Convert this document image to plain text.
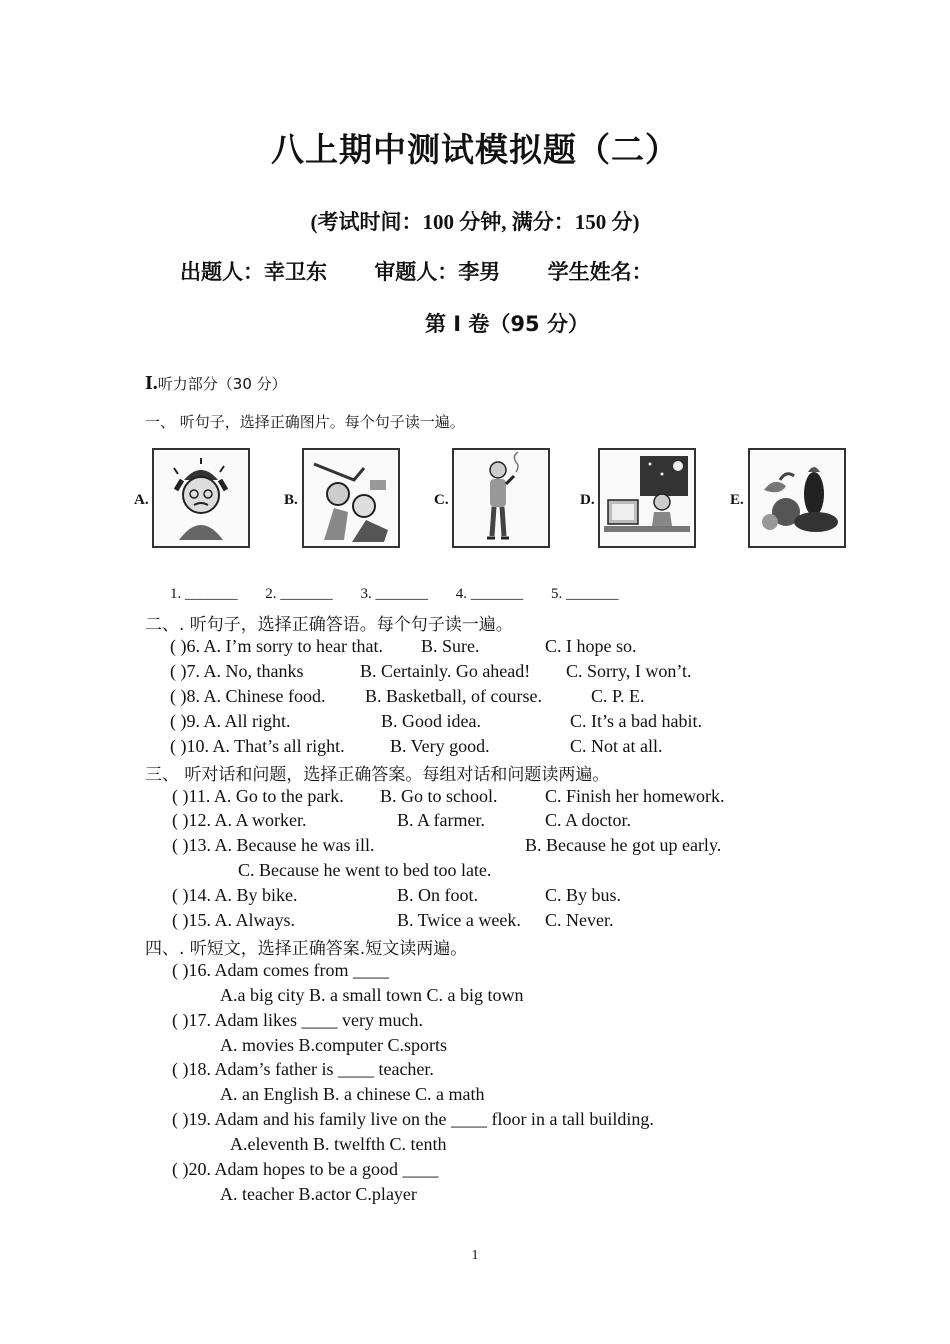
八上期中测试模拟题（二）
(考试时间：100 分钟, 满分：150 分)
出题人：幸卫东 审题人：李男 学生姓名：
第 I 卷（95 分）
I.听力部分（30 分）
一、 听句子，选择正确图片。每个句子读一遍。
A.	B.	C.	D.	E.
1. _______ 2. _______ 3. _______ 4. _______ 5. _______
二、. 听句子，选择正确答语。每个句子读一遍。
( )6. A. I’m sorry to hear that. B. Sure.	C. I hope so.
( )7. A. No, thanks	B. Certainly. Go ahead! C. Sorry, I won’t.
( )8. A. Chinese food. B. Basketball, of course.	C. P. E.
( )9. A. All right.	B. Good idea.	C. It’s a bad habit.
( )10. A. That’s all right.	B. Very good.	C. Not at all.
三、 听对话和问题，选择正确答案。每组对话和问题读两遍。
( )11. A. Go to the park. B. Go to school.	C. Finish her homework.
( )12. A. A worker.	B. A farmer.	C. A doctor.
( )13. A. Because he was ill.	B. Because he got up early.
C. Because he went to bed too late.
( )14. A. By bike.	B. On foot.	C. By bus.
( )15. A. Always.	B. Twice a week. C. Never.
四、. 听短文，选择正确答案.短文读两遍。
( )16. Adam comes from ____
A.a big city B. a small town C. a big town
( )17. Adam likes ____ very much.
A. movies B.computer C.sports
( )18. Adam’s father is ____ teacher.
A. an English B. a chinese C. a math
( )19. Adam and his family live on the ____ floor in a tall building.
A.eleventh B. twelfth C. tenth
( )20. Adam hopes to be a good ____
A. teacher B.actor C.player
1
